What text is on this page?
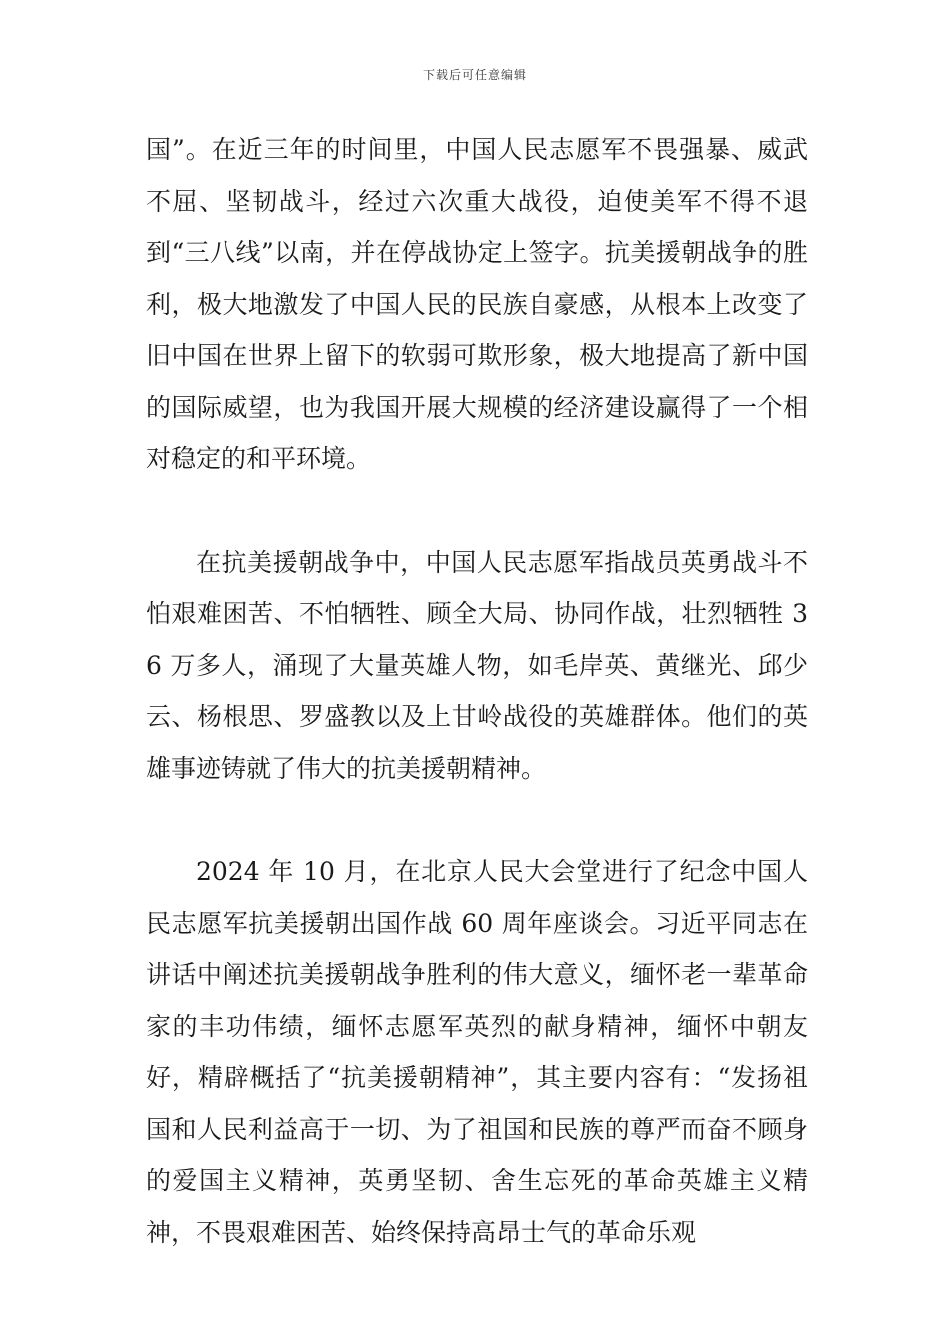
下载后可任意编辑

国”。在近三年的时间里，中国人民志愿军不畏强暴、威武不屈、坚韧战斗，经过六次重大战役，迫使美军不得不退到“三八线”以南，并在停战协定上签字。抗美援朝战争的胜利，极大地激发了中国人民的民族自豪感，从根本上改变了旧中国在世界上留下的软弱可欺形象，极大地提高了新中国的国际威望，也为我国开展大规模的经济建设赢得了一个相对稳定的和平环境。

在抗美援朝战争中，中国人民志愿军指战员英勇战斗不怕艰难困苦、不怕牺牲、顾全大局、协同作战，壮烈牺牲 36 万多人，涌现了大量英雄人物，如毛岸英、黄继光、邱少云、杨根思、罗盛教以及上甘岭战役的英雄群体。他们的英雄事迹铸就了伟大的抗美援朝精神。

2024 年 10 月，在北京人民大会堂进行了纪念中国人民志愿军抗美援朝出国作战 60 周年座谈会。习近平同志在讲话中阐述抗美援朝战争胜利的伟大意义，缅怀老一辈革命家的丰功伟绩，缅怀志愿军英烈的献身精神，缅怀中朝友好，精辟概括了“抗美援朝精神”，其主要内容有：“发扬祖国和人民利益高于一切、为了祖国和民族的尊严而奋不顾身的爱国主义精神，英勇坚韧、舍生忘死的革命英雄主义精神，不畏艰难困苦、始终保持高昂士气的革命乐观
